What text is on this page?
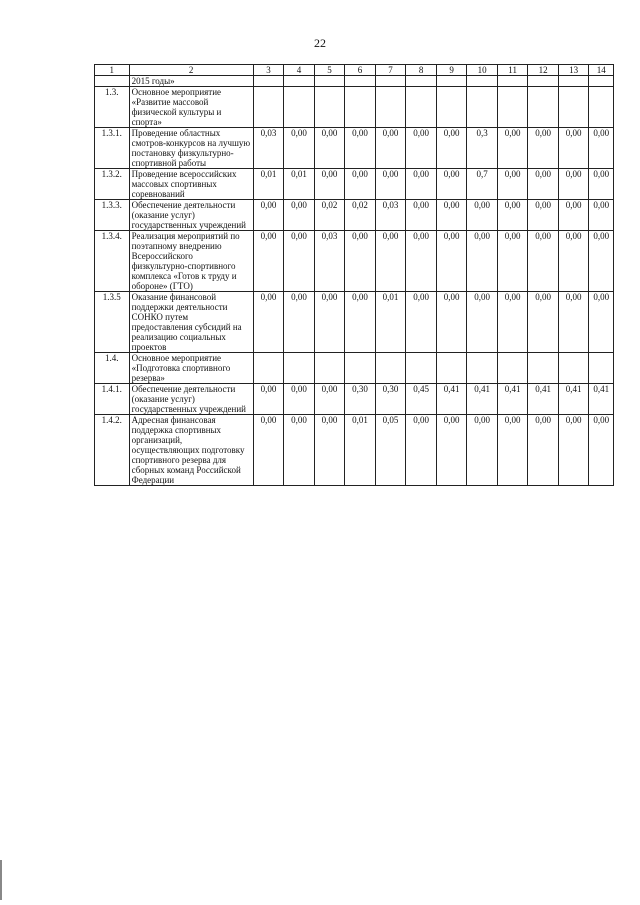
22
1	2	3	4	5	6	7	8	9	10	11	12	13	14
	2015 годы»												
1.3.	Основное мероприятие «Развитие массовой физической культуры и спорта»												
1.3.1.	Проведение областных смотров-конкурсов на лучшую постановку физкультурно-спортивной работы	0,03	0,00	0,00	0,00	0,00	0,00	0,00	0,3	0,00	0,00	0,00	0,00
1.3.2.	Проведение всероссийских массовых спортивных соревнований	0,01	0,01	0,00	0,00	0,00	0,00	0,00	0,7	0,00	0,00	0,00	0,00
1.3.3.	Обеспечение деятельности (оказание услуг) государственных учреждений	0,00	0,00	0,02	0,02	0,03	0,00	0,00	0,00	0,00	0,00	0,00	0,00
1.3.4.	Реализация мероприятий по поэтапному внедрению Всероссийского физкультурно-спортивного комплекса «Готов к труду и обороне» (ГТО)	0,00	0,00	0,03	0,00	0,00	0,00	0,00	0,00	0,00	0,00	0,00	0,00
1.3.5	Оказание финансовой поддержки деятельности СОНКО путем предоставления субсидий на реализацию социальных проектов	0,00	0,00	0,00	0,00	0,01	0,00	0,00	0,00	0,00	0,00	0,00	0,00
1.4.	Основное мероприятие «Подготовка спортивного резерва»												
1.4.1.	Обеспечение деятельности (оказание услуг) государственных учреждений	0,00	0,00	0,00	0,30	0,30	0,45	0,41	0,41	0,41	0,41	0,41	0,41
1.4.2.	Адресная финансовая поддержка спортивных организаций, осуществляющих подготовку спортивного резерва для сборных команд Российской Федерации	0,00	0,00	0,00	0,01	0,05	0,00	0,00	0,00	0,00	0,00	0,00	0,00
